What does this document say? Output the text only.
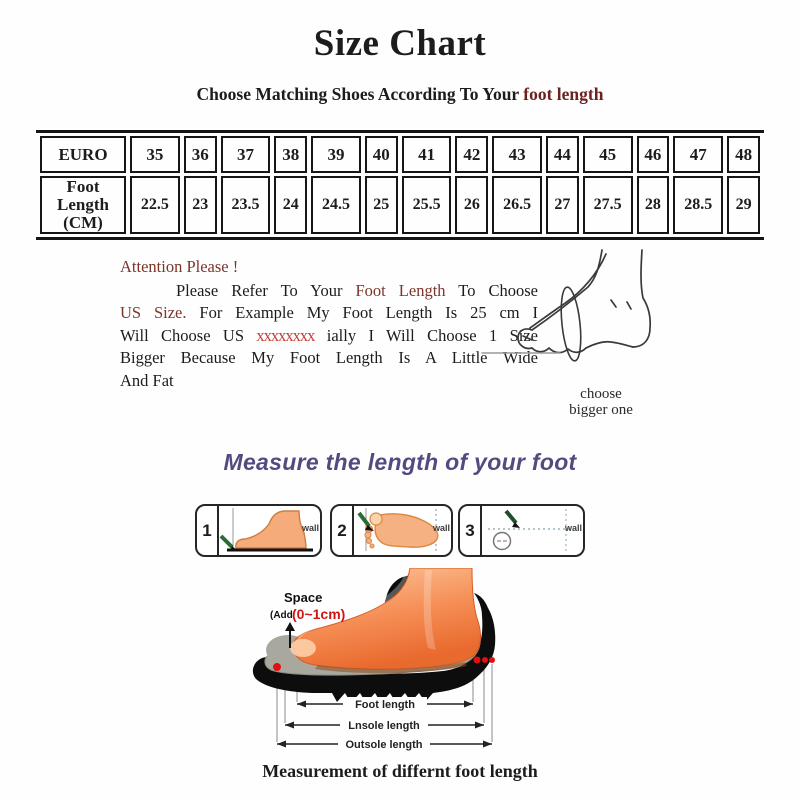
Size Chart
Choose Matching Shoes According To Your foot length
EURO	35	36	37	38	39	40	41	42	43	44	45	46	47	48
Foot Length (CM)	22.5	23	23.5	24	24.5	25	25.5	26	26.5	27	27.5	28	28.5	29
Attention Please !
Please Refer To Your Foot Length To Choose
US Size. For Example My Foot Length Is 25 cm I
Will Choose US xxxxxxxx ially I Will Choose 1 Size
Bigger Because My Foot Length Is A Little Wide
And Fat
choose
bigger one
Measure the length of your foot
1	wall	2	wall 3	wall
Space
(Add (0~1cm)
Foot length
Lnsole length
Outsole length
Measurement of differnt foot length
